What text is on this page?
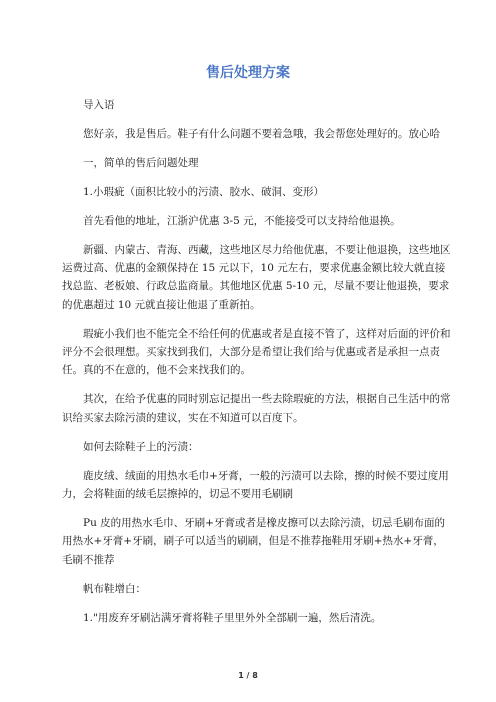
售后处理方案

导入语

您好亲，我是售后。鞋子有什么问题不要着急哦，我会帮您处理好的。放心哈

一，简单的售后问题处理

1.小瑕疵（面积比较小的污渍、胶水、破洞、变形）

首先看他的地址，江浙沪优惠 3-5 元，不能接受可以支持给他退换。

新疆、内蒙古、青海、西藏，这些地区尽力给他优惠，不要让他退换，这些地区运费过高、优惠的金额保持在 15 元以下，10 元左右，要求优惠金额比较大就直接找总监、老板娘、行政总监商量。其他地区优惠 5-10 元，尽量不要让他退换，要求的优惠超过 10 元就直接让他退了重新拍。

瑕疵小我们也不能完全不给任何的优惠或者是直接不管了，这样对后面的评价和评分不会很理想。买家找到我们，大部分是希望让我们给与优惠或者是承担一点责任。真的不在意的，他不会来找我们的。

其次，在给予优惠的同时别忘记提出一些去除瑕疵的方法，根据自己生活中的常识给买家去除污渍的建议，实在不知道可以百度下。

如何去除鞋子上的污渍：

鹿皮绒、绒面的用热水毛巾+牙膏，一般的污渍可以去除，擦的时候不要过度用力，会将鞋面的绒毛层擦掉的，切忌不要用毛刷刷

Pu 皮的用热水毛巾、牙刷+牙膏或者是橡皮擦可以去除污渍，切忌毛刷布面的用热水+牙膏+牙刷，刷子可以适当的刷刷，但是不推荐拖鞋用牙刷+热水+牙膏，毛刷不推荐

帆布鞋增白：

1."用废弃牙刷沾满牙膏将鞋子里里外外全部刷一遍，然后清洗。

1 / 8
